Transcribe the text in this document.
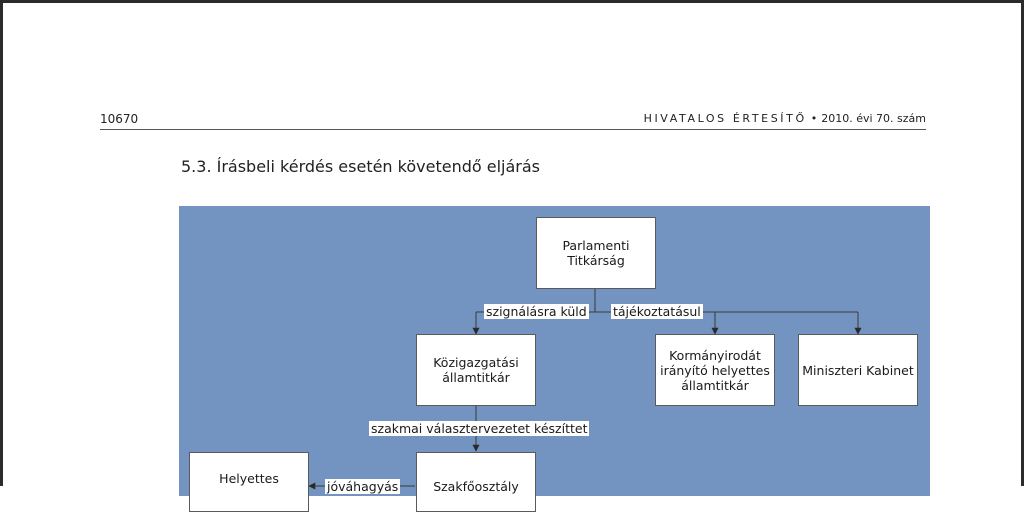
10670	HIVATALOS ÉRTESÍTŐ • 2010. évi 70. szám
5.3. Írásbeli kérdés esetén követendő eljárás
Parlamenti
Titkárság
Közigazgatási
államtitkár
Kormányirodát
irányító helyettes
államtitkár
Miniszteri Kabinet
Helyettes
Szakfőosztály
szignálásra küld tájékoztatásul
szakmai választervezetet készíttet
jóváhagyás
